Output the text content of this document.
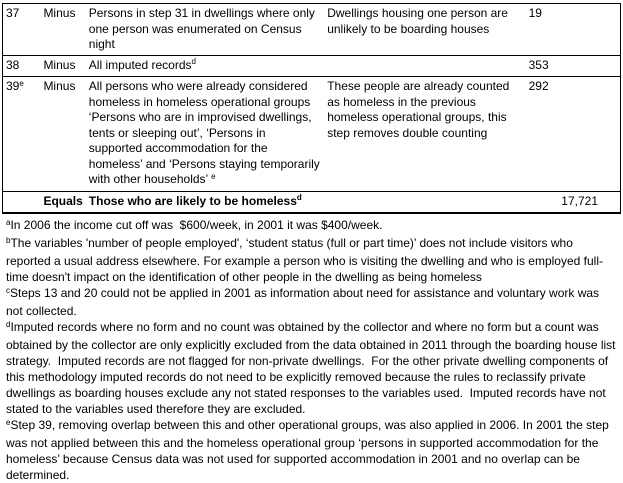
37	Minus	Persons in step 31 in dwellings where only one person was enumerated on Census night	Dwellings housing one person are unlikely to be boarding houses	19
38	Minus	All imputed records$^d$		353
39e	Minus	All persons who were already considered homeless in homeless operational groups ‘Persons who are in improvised dwellings, tents or sleeping out’, ‘Persons in supported accommodation for the homeless’ and ‘Persons staying temporarily with other households’ $^e$	These people are already counted as homeless in the previous homeless operational groups, this step removes double counting	292
	Equals	Those who are likely to be homeless$^d$		17,721

$^a$In 2006 the income cut off was  $600/week, in 2001 it was $400/week.

$^b$The variables 'number of people employed', ‘student status (full or part time)’ does not include visitors who reported a usual address elsewhere. For example a person who is visiting the dwelling and who is employed full-time doesn't impact on the identification of other people in the dwelling as being homeless

$^c$Steps 13 and 20 could not be applied in 2001 as information about need for assistance and voluntary work was not collected.

$^d$Imputed records where no form and no count was obtained by the collector and where no form but a count was obtained by the collector are only explicitly excluded from the data obtained in 2011 through the boarding house list strategy.  Imputed records are not flagged for non-private dwellings.  For the other private dwelling components of this methodology imputed records do not need to be explicitly removed because the rules to reclassify private dwellings as boarding houses exclude any not stated responses to the variables used.  Imputed records have not stated to the variables used therefore they are excluded.

$^e$Step 39, removing overlap between this and other operational groups, was also applied in 2006. In 2001 the step was not applied between this and the homeless operational group ‘persons in supported accommodation for the homeless’ because Census data was not used for supported accommodation in 2001 and no overlap can be determined.
